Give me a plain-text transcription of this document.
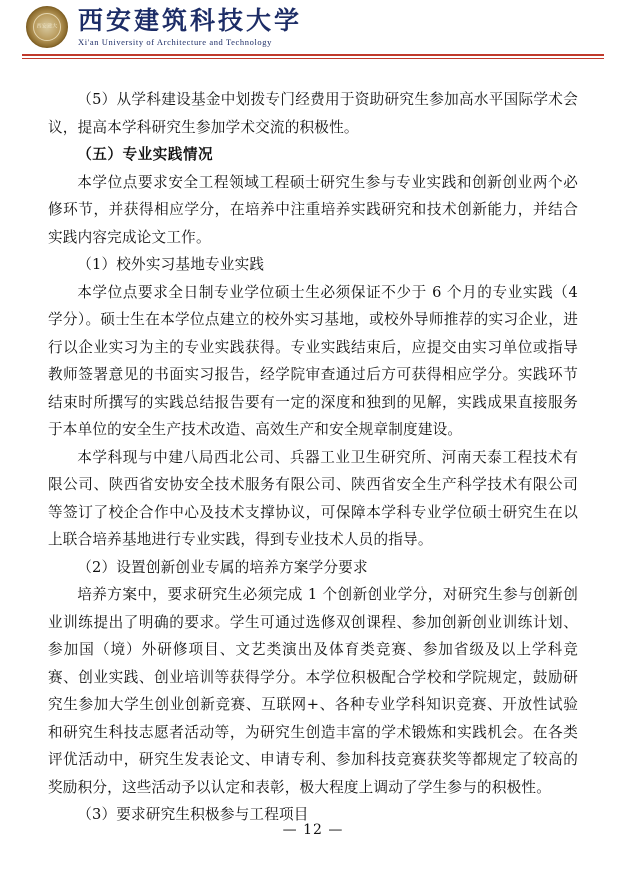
西安建大 西安建筑科技大学
Xi'an University of Architecture and Technology

（5）从学科建设基金中划拨专门经费用于资助研究生参加高水平国际学术会议，提高本学科研究生参加学术交流的积极性。

（五）专业实践情况

本学位点要求安全工程领域工程硕士研究生参与专业实践和创新创业两个必修环节，并获得相应学分，在培养中注重培养实践研究和技术创新能力，并结合实践内容完成论文工作。

（1）校外实习基地专业实践

本学位点要求全日制专业学位硕士生必须保证不少于 6 个月的专业实践（4 学分）。硕士生在本学位点建立的校外实习基地，或校外导师推荐的实习企业，进行以企业实习为主的专业实践获得。专业实践结束后，应提交由实习单位或指导教师签署意见的书面实习报告，经学院审查通过后方可获得相应学分。实践环节结束时所撰写的实践总结报告要有一定的深度和独到的见解，实践成果直接服务于本单位的安全生产技术改造、高效生产和安全规章制度建设。

本学科现与中建八局西北公司、兵器工业卫生研究所、河南天泰工程技术有限公司、陕西省安协安全技术服务有限公司、陕西省安全生产科学技术有限公司等签订了校企合作中心及技术支撑协议，可保障本学科专业学位硕士研究生在以上联合培养基地进行专业实践，得到专业技术人员的指导。

（2）设置创新创业专属的培养方案学分要求

培养方案中，要求研究生必须完成 1 个创新创业学分，对研究生参与创新创业训练提出了明确的要求。学生可通过选修双创课程、参加创新创业训练计划、参加国（境）外研修项目、文艺类演出及体育类竞赛、参加省级及以上学科竞赛、创业实践、创业培训等获得学分。本学位积极配合学校和学院规定，鼓励研究生参加大学生创业创新竞赛、互联网+、各种专业学科知识竞赛、开放性试验和研究生科技志愿者活动等，为研究生创造丰富的学术锻炼和实践机会。在各类评优活动中，研究生发表论文、申请专利、参加科技竞赛获奖等都规定了较高的奖励积分，这些活动予以认定和表彰，极大程度上调动了学生参与的积极性。

（3）要求研究生积极参与工程项目

— 12 —
